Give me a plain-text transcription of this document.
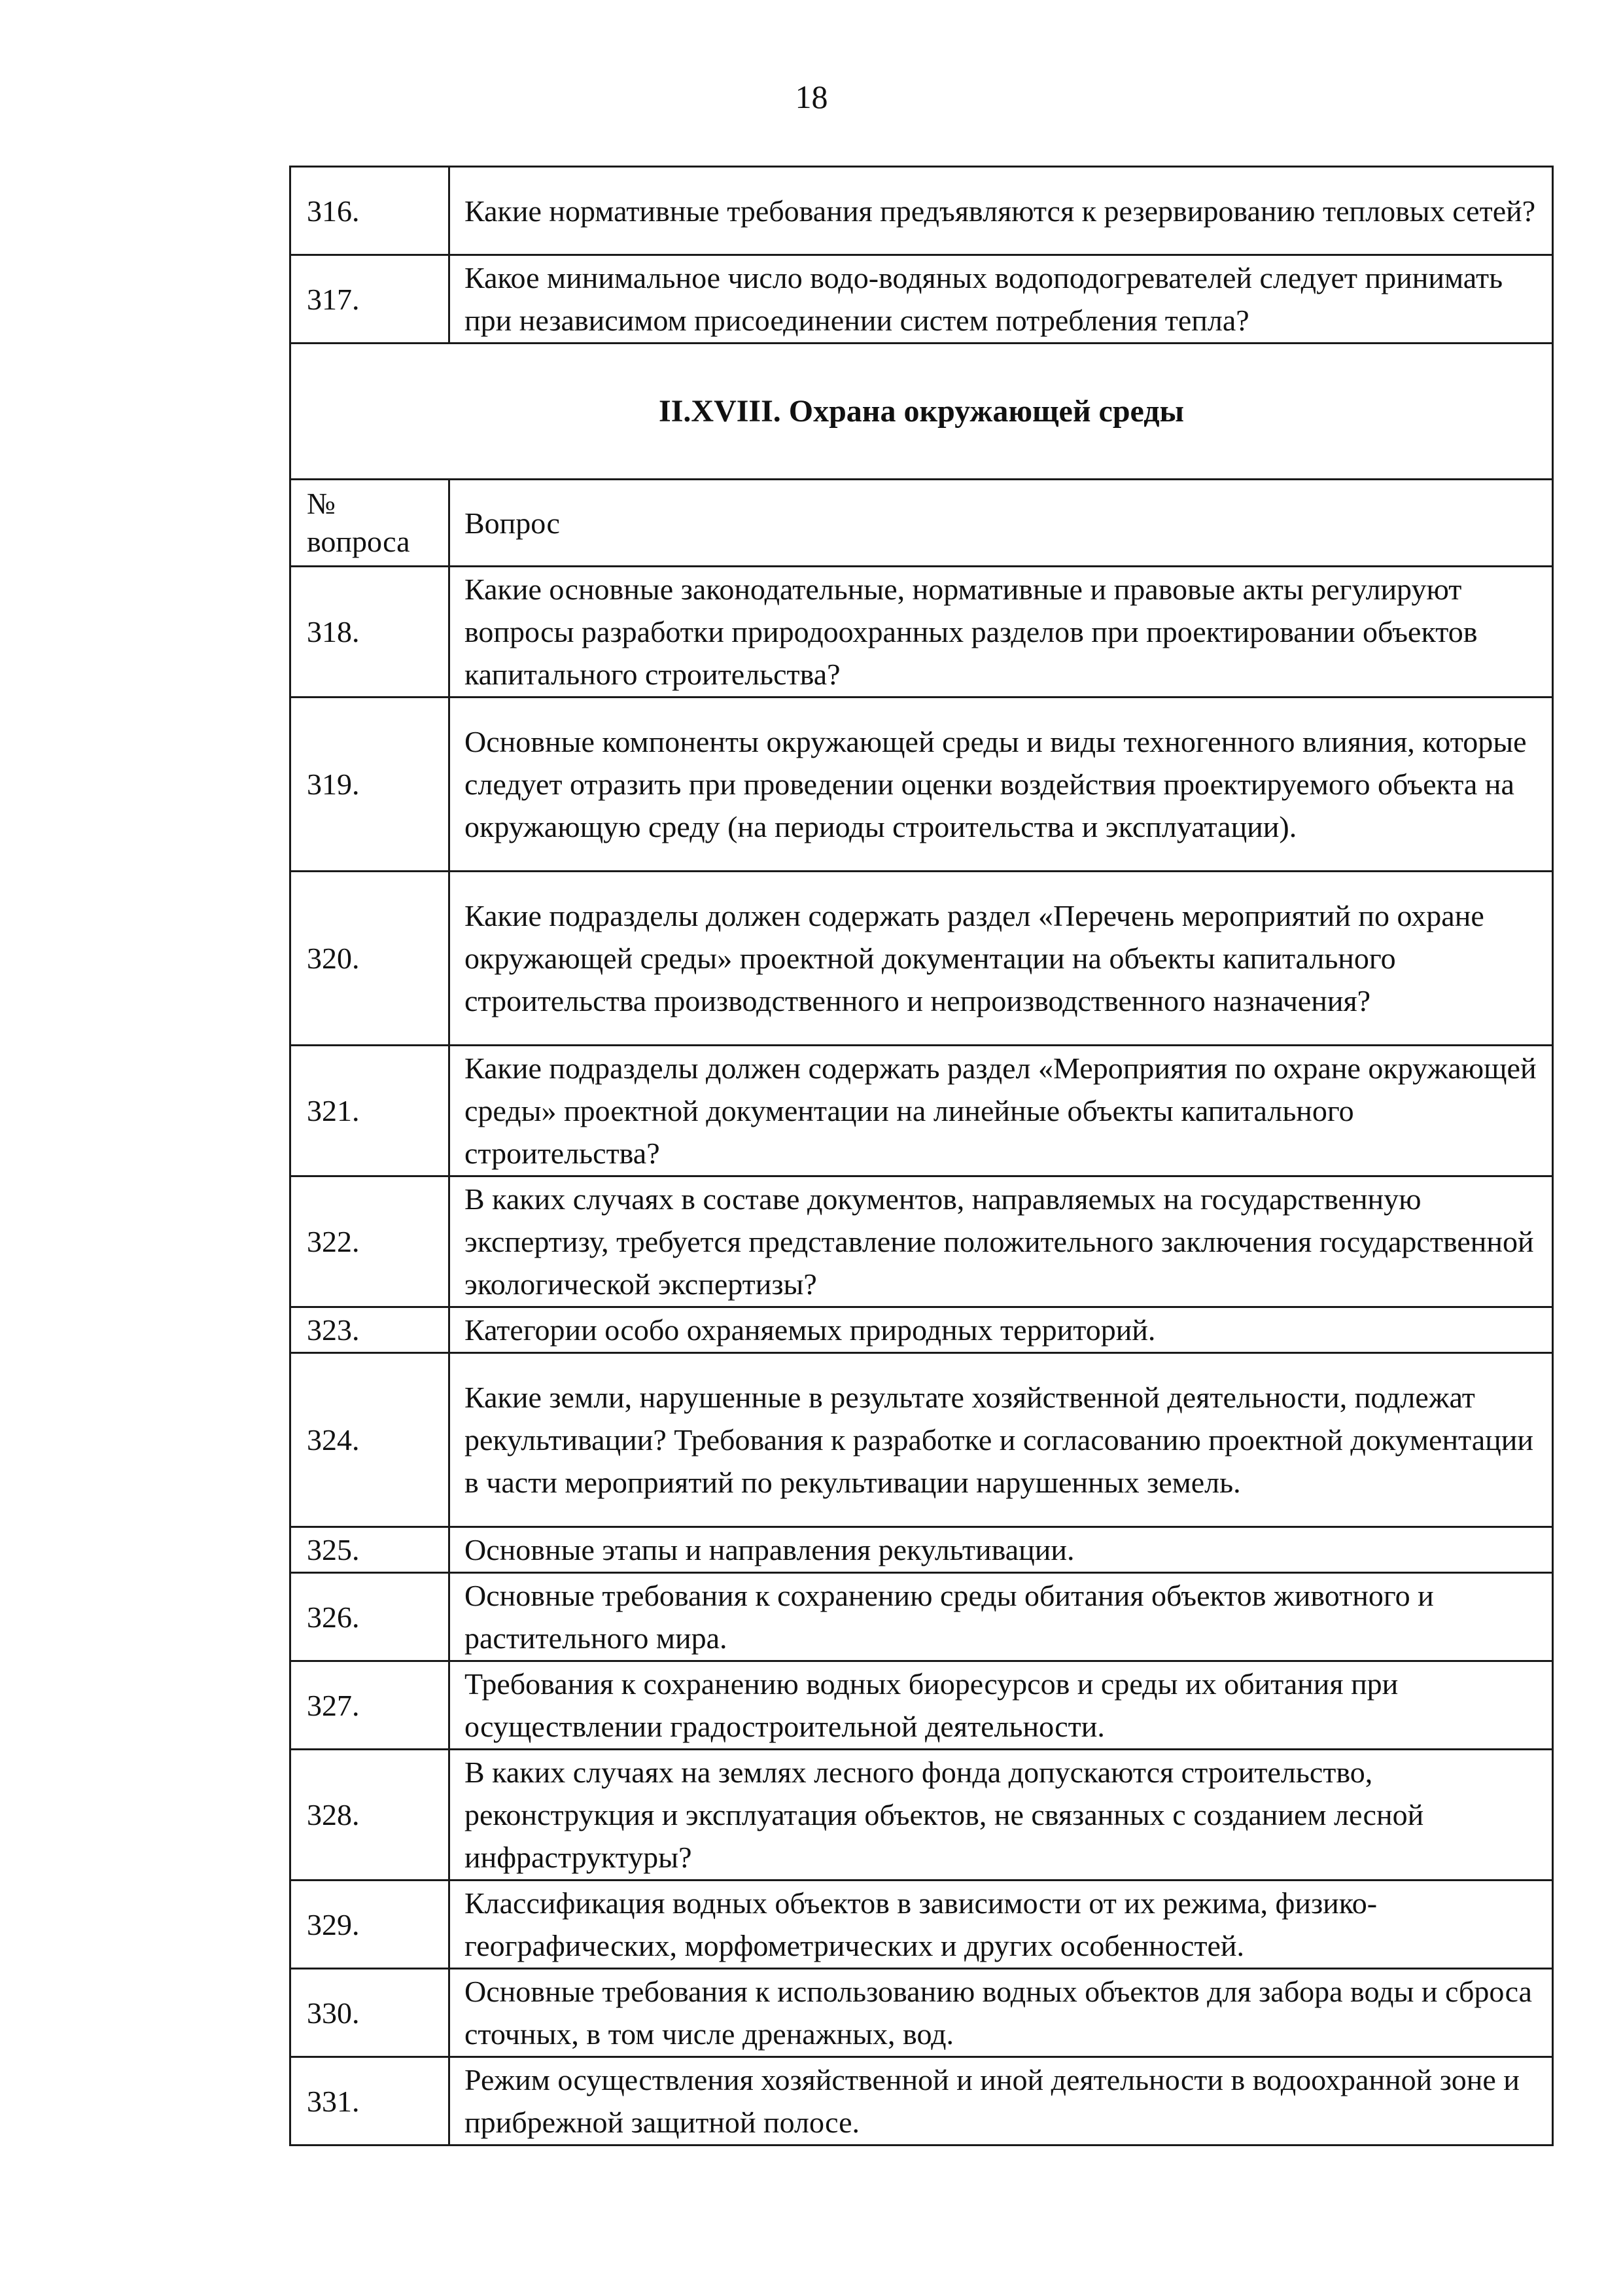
18
316.	Какие нормативные требования предъявляются к резервированию тепловых сетей?
317.	Какое минимальное число водо-водяных водоподогревателей следует принимать при независимом присоединении систем потребления тепла?
II.XVIII. Охрана окружающей среды	

№
вопроса	Вопрос
318.	Какие основные законодательные, нормативные и правовые акты регулируют вопросы разработки природоохранных разделов при проектировании объектов капитального строительства?
319.	Основные компоненты окружающей среды и виды техногенного влияния, которые следует отразить при проведении оценки воздействия проектируемого объекта на окружающую среду (на периоды строительства и эксплуатации).
320.	Какие подразделы должен содержать раздел «Перечень мероприятий по охране окружающей среды» проектной документации на объекты капитального строительства производственного и непроизводственного назначения?
321.	Какие подразделы должен содержать раздел «Мероприятия по охране окружающей среды» проектной документации на линейные объекты капитального строительства?
322.	В каких случаях в составе документов, направляемых на государственную экспертизу, требуется представление положительного заключения государственной экологической экспертизы?
323.	Категории особо охраняемых природных территорий.
324.	Какие земли, нарушенные в результате хозяйственной деятельности, подлежат рекультивации? Требования к разработке и согласованию проектной документации в части мероприятий по рекультивации нарушенных земель.
325.	Основные этапы и направления рекультивации.
326.	Основные требования к сохранению среды обитания объектов животного и растительного мира.
327.	Требования к сохранению водных биоресурсов и среды их обитания при осуществлении градостроительной деятельности.
328.	В каких случаях на землях лесного фонда допускаются строительство, реконструкция и эксплуатация объектов, не связанных с созданием лесной инфраструктуры?
329.	Классификация водных объектов в зависимости от их режима, физико-географических, морфометрических и других особенностей.
330.	Основные требования к использованию водных объектов для забора воды и сброса сточных, в том числе дренажных, вод.
331.	Режим осуществления хозяйственной и иной деятельности в водоохранной зоне и прибрежной защитной полосе.
